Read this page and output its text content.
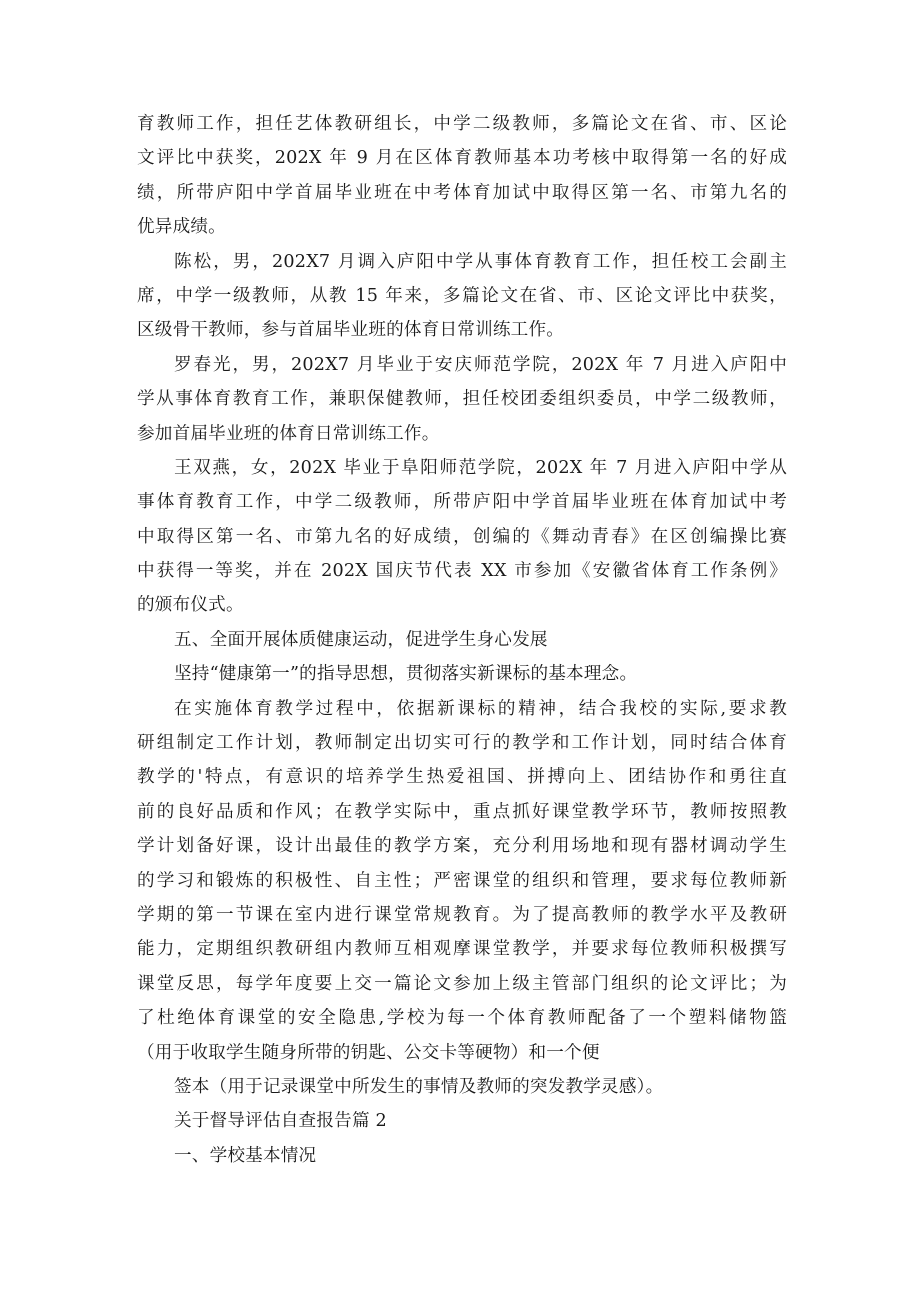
育教师工作，担任艺体教研组长，中学二级教师，多篇论文在省、市、区论
文评比中获奖，202X 年 9 月在区体育教师基本功考核中取得第一名的好成
绩，所带庐阳中学首届毕业班在中考体育加试中取得区第一名、市第九名的
优异成绩。
陈松，男，202X7 月调入庐阳中学从事体育教育工作，担任校工会副主
席，中学一级教师，从教 15 年来，多篇论文在省、市、区论文评比中获奖，
区级骨干教师，参与首届毕业班的体育日常训练工作。
罗春光，男，202X7 月毕业于安庆师范学院，202X 年 7 月进入庐阳中
学从事体育教育工作，兼职保健教师，担任校团委组织委员，中学二级教师，
参加首届毕业班的体育日常训练工作。
王双燕，女，202X 毕业于阜阳师范学院，202X 年 7 月进入庐阳中学从
事体育教育工作，中学二级教师，所带庐阳中学首届毕业班在体育加试中考
中取得区第一名、市第九名的好成绩，创编的《舞动青春》在区创编操比赛
中获得一等奖，并在 202X 国庆节代表 XX 市参加《安徽省体育工作条例》
的颁布仪式。
五、全面开展体质健康运动，促进学生身心发展
坚持“健康第一”的指导思想，贯彻落实新课标的基本理念。
在实施体育教学过程中，依据新课标的精神，结合我校的实际,要求教
研组制定工作计划，教师制定出切实可行的教学和工作计划，同时结合体育
教学的'特点，有意识的培养学生热爱祖国、拼搏向上、团结协作和勇往直
前的良好品质和作风；在教学实际中，重点抓好课堂教学环节，教师按照教
学计划备好课，设计出最佳的教学方案，充分利用场地和现有器材调动学生
的学习和锻炼的积极性、自主性；严密课堂的组织和管理，要求每位教师新
学期的第一节课在室内进行课堂常规教育。为了提高教师的教学水平及教研
能力，定期组织教研组内教师互相观摩课堂教学，并要求每位教师积极撰写
课堂反思，每学年度要上交一篇论文参加上级主管部门组织的论文评比；为
了杜绝体育课堂的安全隐患,学校为每一个体育教师配备了一个塑料储物篮
（用于收取学生随身所带的钥匙、公交卡等硬物）和一个便
签本（用于记录课堂中所发生的事情及教师的突发教学灵感）。
关于督导评估自查报告篇 2
一、学校基本情况
